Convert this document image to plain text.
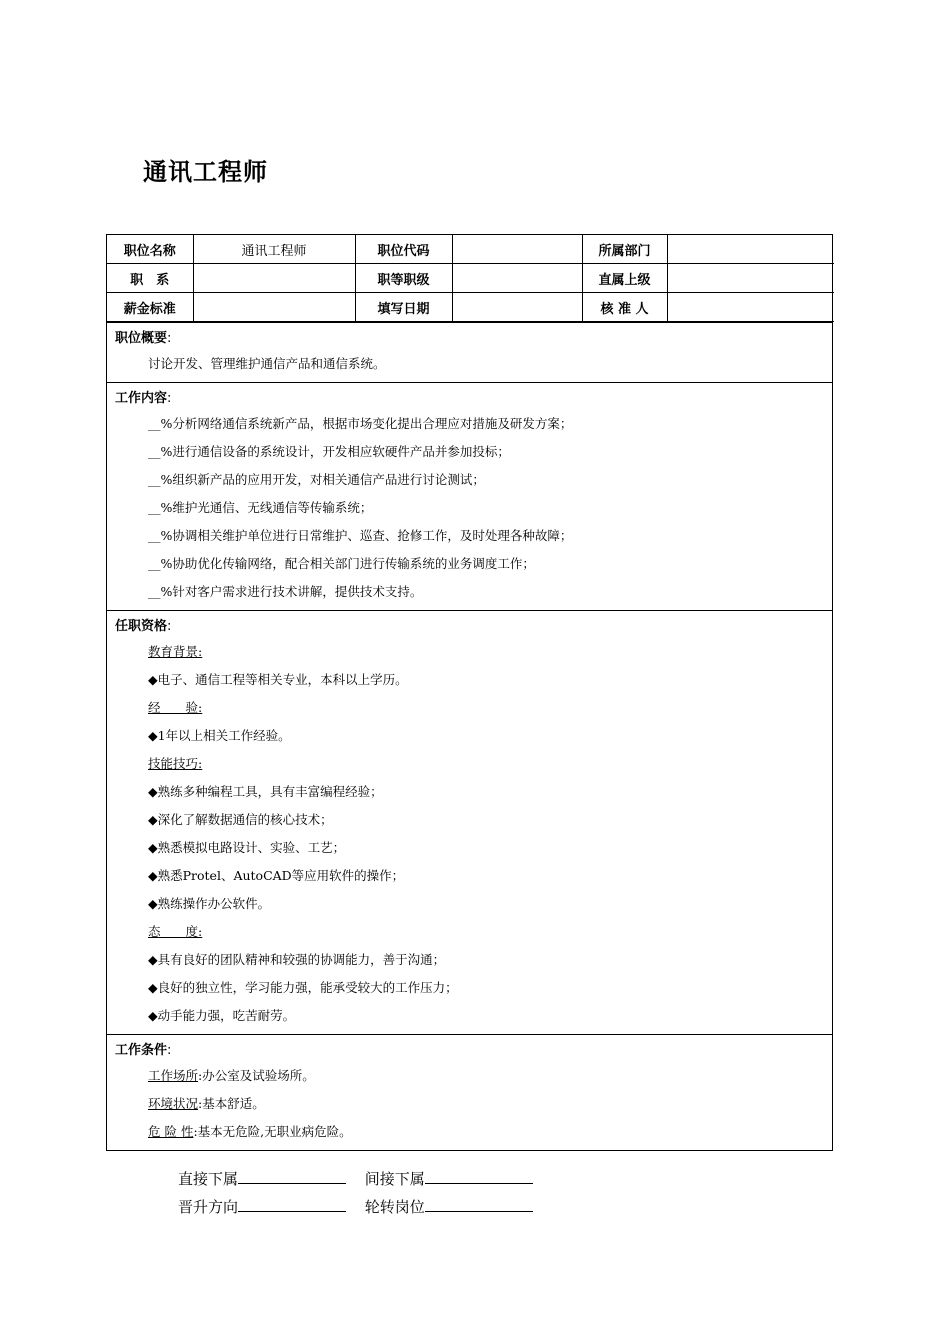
通讯工程师
职位名称	通讯工程师	职位代码		所属部门	
职　系		职等职级		直属上级	
薪金标准		填写日期		核 准 人	
职位概要:
讨论开发、管理维护通信产品和通信系统。
工作内容:
__%分析网络通信系统新产品，根据市场变化提出合理应对措施及研发方案；
__%进行通信设备的系统设计，开发相应软硬件产品并参加投标；
__%组织新产品的应用开发，对相关通信产品进行讨论测试；
__%维护光通信、无线通信等传输系统；
__%协调相关维护单位进行日常维护、巡查、抢修工作，及时处理各种故障；
__%协助优化传输网络，配合相关部门进行传输系统的业务调度工作；
__%针对客户需求进行技术讲解，提供技术支持。
任职资格:
教育背景:
◆电子、通信工程等相关专业，本科以上学历。
经　　验:
◆1年以上相关工作经验。
技能技巧:
◆熟练多种编程工具，具有丰富编程经验；
◆深化了解数据通信的核心技术；
◆熟悉模拟电路设计、实验、工艺；
◆熟悉Protel、AutoCAD等应用软件的操作；
◆熟练操作办公软件。
态　　度:
◆具有良好的团队精神和较强的协调能力，善于沟通；
◆良好的独立性，学习能力强，能承受较大的工作压力；
◆动手能力强，吃苦耐劳。
工作条件:
工作场所:办公室及试验场所。
环境状况:基本舒适。
危 险 性:基本无危险,无职业病危险。
直接下属	间接下属
晋升方向	轮转岗位
